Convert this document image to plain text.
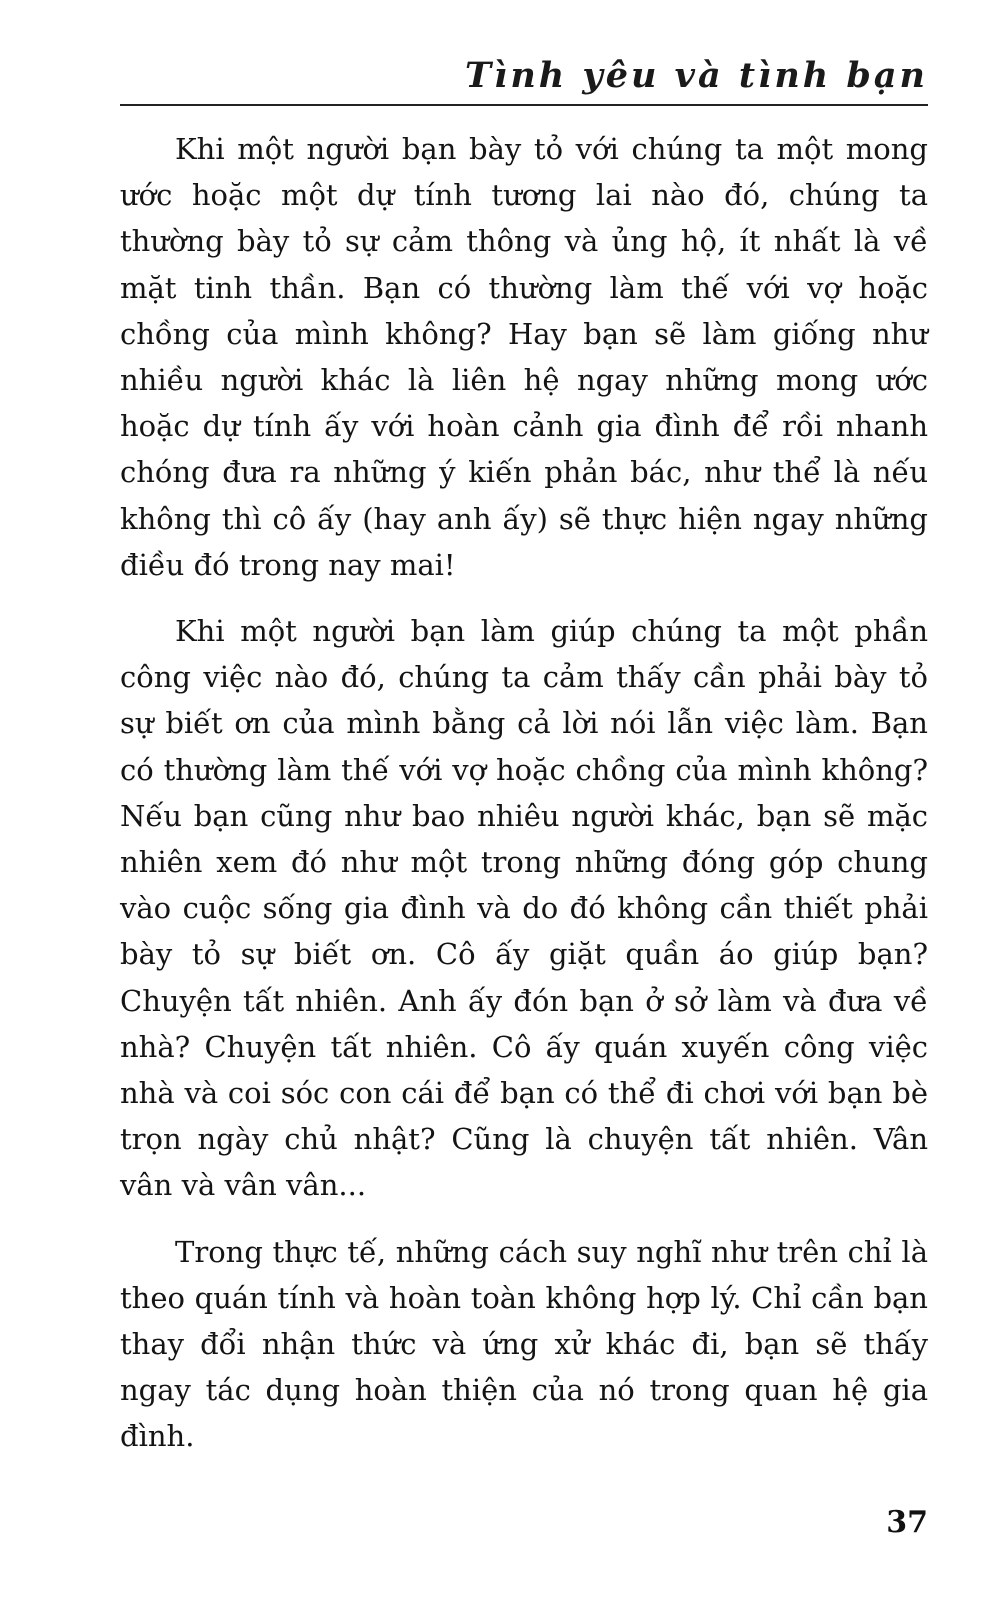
Tình yêu và tình bạn

Khi một người bạn bày tỏ với chúng ta một mong ước hoặc một dự tính tương lai nào đó, chúng ta thường bày tỏ sự cảm thông và ủng hộ, ít nhất là về mặt tinh thần. Bạn có thường làm thế với vợ hoặc chồng của mình không? Hay bạn sẽ làm giống như nhiều người khác là liên hệ ngay những mong ước hoặc dự tính ấy với hoàn cảnh gia đình để rồi nhanh chóng đưa ra những ý kiến phản bác, như thể là nếu không thì cô ấy (hay anh ấy) sẽ thực hiện ngay những điều đó trong nay mai!

Khi một người bạn làm giúp chúng ta một phần công việc nào đó, chúng ta cảm thấy cần phải bày tỏ sự biết ơn của mình bằng cả lời nói lẫn việc làm. Bạn có thường làm thế với vợ hoặc chồng của mình không? Nếu bạn cũng như bao nhiêu người khác, bạn sẽ mặc nhiên xem đó như một trong những đóng góp chung vào cuộc sống gia đình và do đó không cần thiết phải bày tỏ sự biết ơn. Cô ấy giặt quần áo giúp bạn? Chuyện tất nhiên. Anh ấy đón bạn ở sở làm và đưa về nhà? Chuyện tất nhiên. Cô ấy quán xuyến công việc nhà và coi sóc con cái để bạn có thể đi chơi với bạn bè trọn ngày chủ nhật? Cũng là chuyện tất nhiên. Vân vân và vân vân...

Trong thực tế, những cách suy nghĩ như trên chỉ là theo quán tính và hoàn toàn không hợp lý. Chỉ cần bạn thay đổi nhận thức và ứng xử khác đi, bạn sẽ thấy ngay tác dụng hoàn thiện của nó trong quan hệ gia đình.

37
